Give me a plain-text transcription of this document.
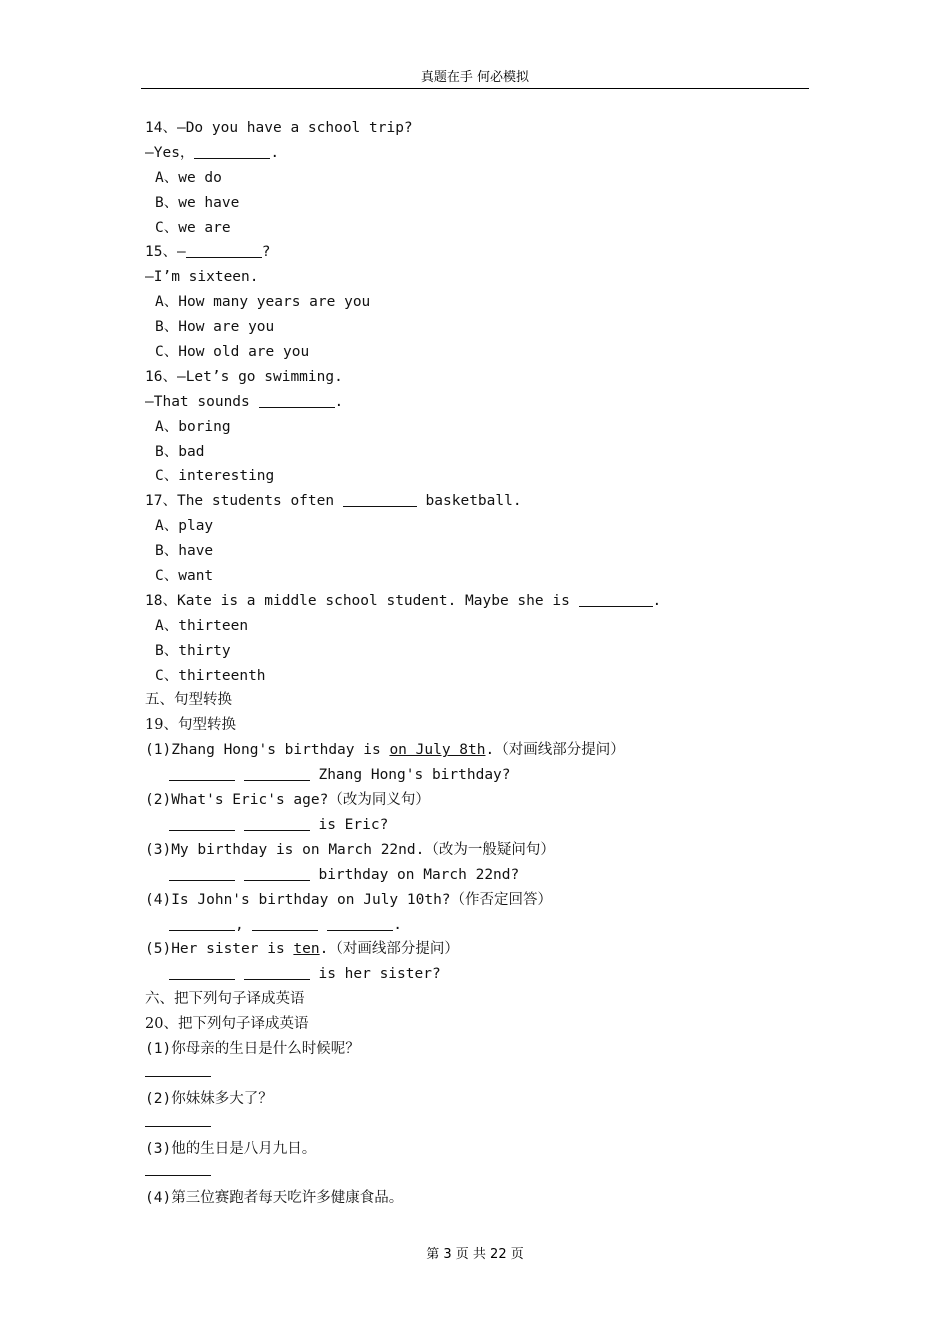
真题在手 何必模拟
14、—Do you have a school trip?
—Yes，	.
A、we do
B、we have
C、we are
15、—	?
—I’m sixteen.
A、How many years are you
B、How are you
C、How old are you
16、—Let’s go swimming.
—That sounds	.
A、boring
B、bad
C、interesting
17、The students often	basketball.
A、play
B、have
C、want
18、Kate is a middle school student. Maybe she is	.
A、thirteen
B、thirty
C、thirteenth
五、句型转换
19、句型转换
(1)Zhang Hong's birthday is on July 8th.（对画线部分提问）
Zhang Hong's birthday?
(2)What's Eric's age?（改为同义句）
is Eric?
(3)My birthday is on March 22nd.（改为一般疑问句）
birthday on March 22nd?
(4)Is John's birthday on July 10th?（作否定回答）
,	.
(5)Her sister is ten.（对画线部分提问）
is her sister?
六、把下列句子译成英语
20、把下列句子译成英语
(1)你母亲的生日是什么时候呢？
(2)你妹妹多大了？
(3)他的生日是八月九日。
(4)第三位赛跑者每天吃许多健康食品。
第 3 页 共 22 页
